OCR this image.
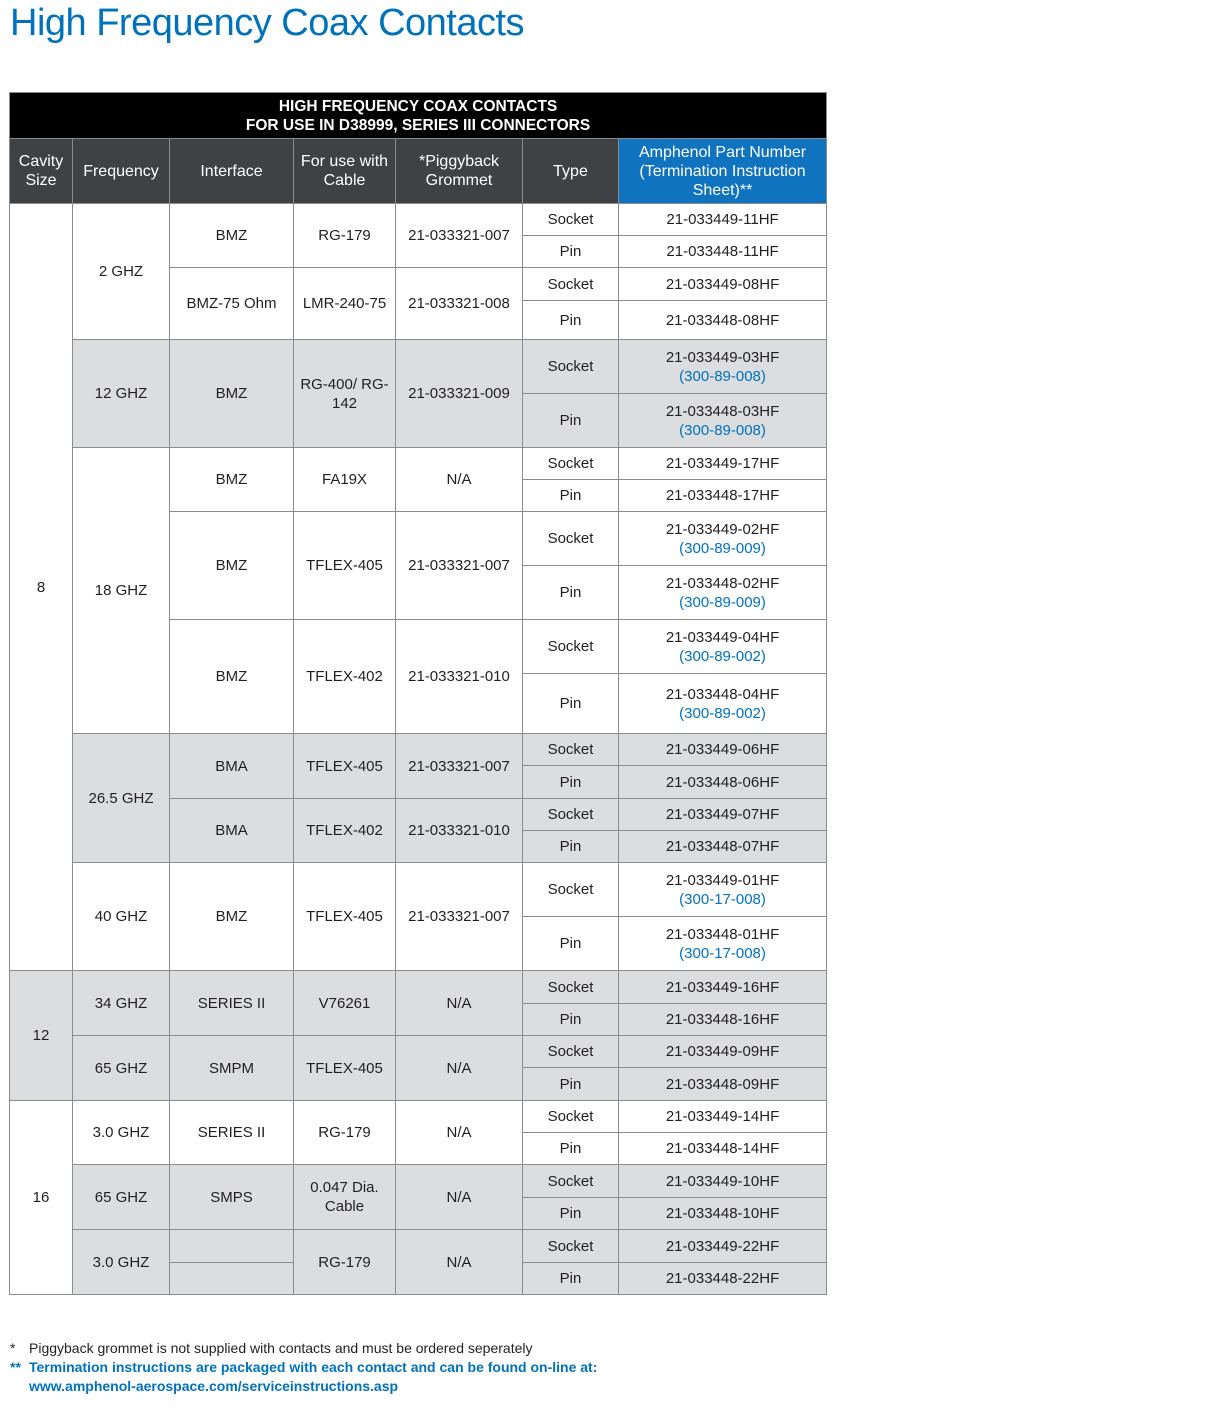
High Frequency Coax Contacts
HIGH FREQUENCY COAX CONTACTS
FOR USE IN D38999, SERIES III CONNECTORS						
Cavity Size	Frequency	Interface	For use with Cable	*Piggyback Grommet	Type	Amphenol Part Number (Termination Instruction Sheet)**
8	2 GHZ	BMZ	RG-179	21-033321-007	Socket	21-033449-11HF

					Pin	21-033448-11HF

		BMZ-75 Ohm	LMR-240-75	21-033321-008	Socket	21-033449-08HF

					Pin	21-033448-08HF

	12 GHZ	BMZ	RG-400/ RG-142	21-033321-009	Socket	21-033449-03HF
(300-89-008)

					Pin	21-033448-03HF
(300-89-008)

	18 GHZ	BMZ	FA19X	N/A	Socket	21-033449-17HF

					Pin	21-033448-17HF

		BMZ	TFLEX-405	21-033321-007	Socket	21-033449-02HF
(300-89-009)

					Pin	21-033448-02HF
(300-89-009)

		BMZ	TFLEX-402	21-033321-010	Socket	21-033449-04HF
(300-89-002)

					Pin	21-033448-04HF
(300-89-002)

	26.5 GHZ	BMA	TFLEX-405	21-033321-007	Socket	21-033449-06HF

					Pin	21-033448-06HF

		BMA	TFLEX-402	21-033321-010	Socket	21-033449-07HF

					Pin	21-033448-07HF

	40 GHZ	BMZ	TFLEX-405	21-033321-007	Socket	21-033449-01HF
(300-17-008)

					Pin	21-033448-01HF
(300-17-008)

12	34 GHZ	SERIES II	V76261	N/A	Socket	21-033449-16HF

					Pin	21-033448-16HF

	65 GHZ	SMPM	TFLEX-405	N/A	Socket	21-033449-09HF

					Pin	21-033448-09HF

16	3.0 GHZ	SERIES II	RG-179	N/A	Socket	21-033449-14HF

					Pin	21-033448-14HF

	65 GHZ	SMPS	0.047 Dia. Cable	N/A	Socket	21-033449-10HF

					Pin	21-033448-10HF

	3.0 GHZ		RG-179	N/A	Socket	21-033449-22HF

					Pin	21-033448-22HF
* Piggyback grommet is not supplied with contacts and must be ordered seperately
** Termination instructions are packaged with each contact and can be found on-line at:
www.amphenol-aerospace.com/serviceinstructions.asp
